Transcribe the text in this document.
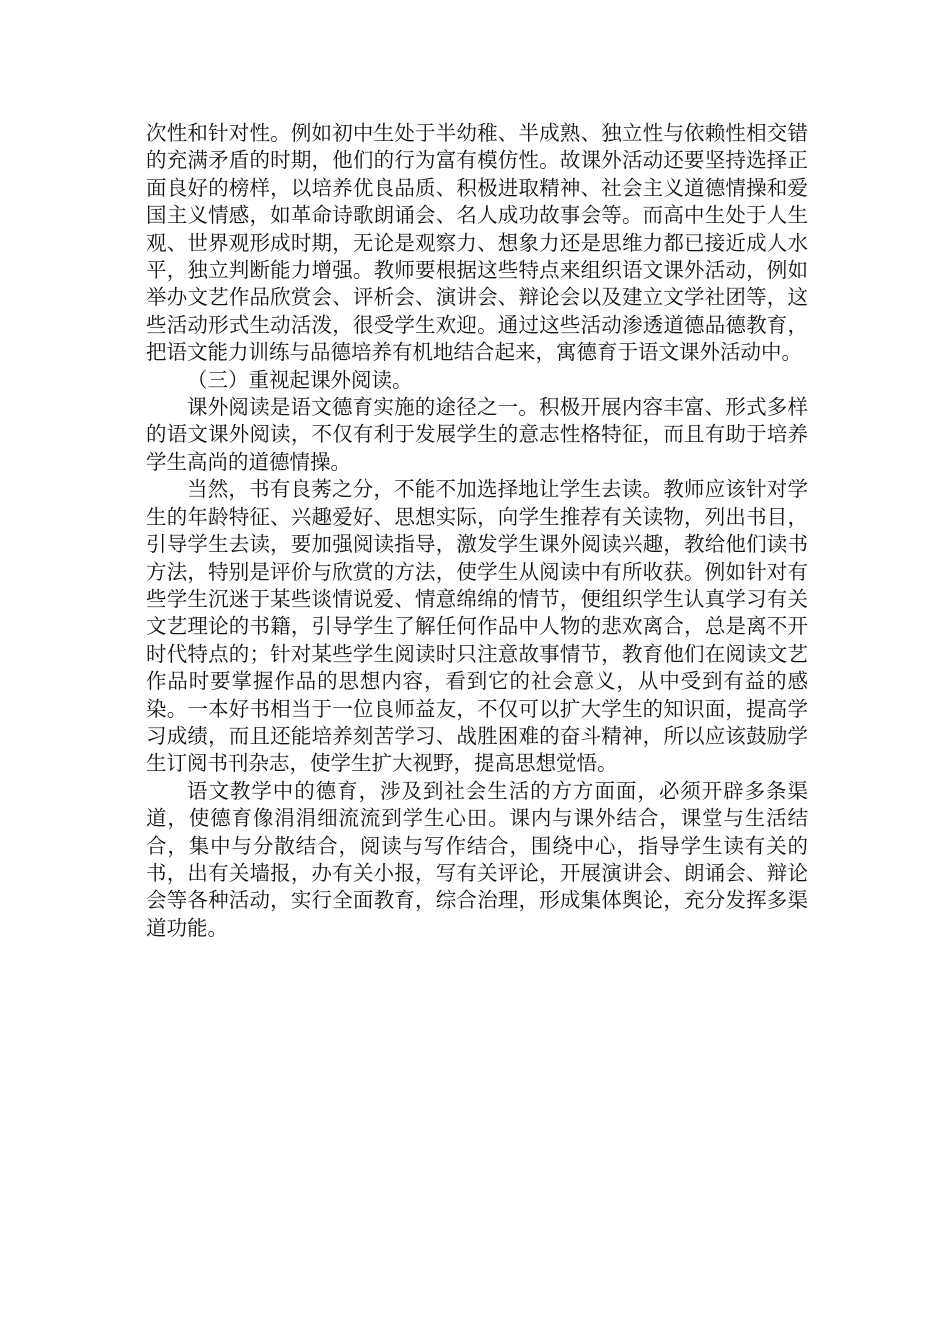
次性和针对性。例如初中生处于半幼稚、半成熟、独立性与依赖性相交错的充满矛盾的时期，他们的行为富有模仿性。故课外活动还要坚持选择正面良好的榜样，以培养优良品质、积极进取精神、社会主义道德情操和爱国主义情感，如革命诗歌朗诵会、名人成功故事会等。而高中生处于人生观、世界观形成时期，无论是观察力、想象力还是思维力都已接近成人水平，独立判断能力增强。教师要根据这些特点来组织语文课外活动，例如举办文艺作品欣赏会、评析会、演讲会、辩论会以及建立文学社团等，这些活动形式生动活泼，很受学生欢迎。通过这些活动渗透道德品德教育，把语文能力训练与品德培养有机地结合起来，寓德育于语文课外活动中。

（三）重视起课外阅读。

课外阅读是语文德育实施的途径之一。积极开展内容丰富、形式多样的语文课外阅读，不仅有利于发展学生的意志性格特征，而且有助于培养学生高尚的道德情操。

当然，书有良莠之分，不能不加选择地让学生去读。教师应该针对学生的年龄特征、兴趣爱好、思想实际，向学生推荐有关读物，列出书目，引导学生去读，要加强阅读指导，激发学生课外阅读兴趣，教给他们读书方法，特别是评价与欣赏的方法，使学生从阅读中有所收获。例如针对有些学生沉迷于某些谈情说爱、情意绵绵的情节，便组织学生认真学习有关文艺理论的书籍，引导学生了解任何作品中人物的悲欢离合，总是离不开时代特点的；针对某些学生阅读时只注意故事情节，教育他们在阅读文艺作品时要掌握作品的思想内容，看到它的社会意义，从中受到有益的感染。一本好书相当于一位良师益友，不仅可以扩大学生的知识面，提高学习成绩，而且还能培养刻苦学习、战胜困难的奋斗精神，所以应该鼓励学生订阅书刊杂志，使学生扩大视野，提高思想觉悟。

语文教学中的德育，涉及到社会生活的方方面面，必须开辟多条渠道，使德育像涓涓细流流到学生心田。课内与课外结合，课堂与生活结合，集中与分散结合，阅读与写作结合，围绕中心，指导学生读有关的书，出有关墙报，办有关小报，写有关评论，开展演讲会、朗诵会、辩论会等各种活动，实行全面教育，综合治理，形成集体舆论，充分发挥多渠道功能。
